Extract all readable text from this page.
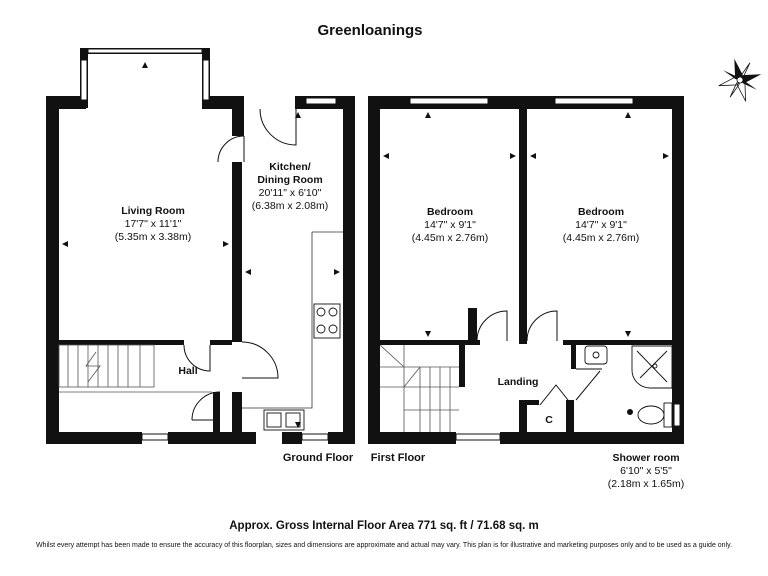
Greenloanings
Living Room
17'7" x 11'1"
(5.35m x 3.38m)
Kitchen/
Dining Room
20'11" x 6'10"
(6.38m x 2.08m)
Hall
Bedroom
14'7" x 9'1"
(4.45m x 2.76m)
Bedroom
14'7" x 9'1"
(4.45m x 2.76m)
Landing
C
Shower room
6'10" x 5'5"
(2.18m x 1.65m)
Ground Floor	First Floor
Approx. Gross Internal Floor Area 771 sq. ft / 71.68 sq. m
Whilst every attempt has been made to ensure the accuracy of this floorplan, sizes and dimensions are approximate and actual may vary. This plan is for illustrative and marketing purposes only and to be used as a guide only.
